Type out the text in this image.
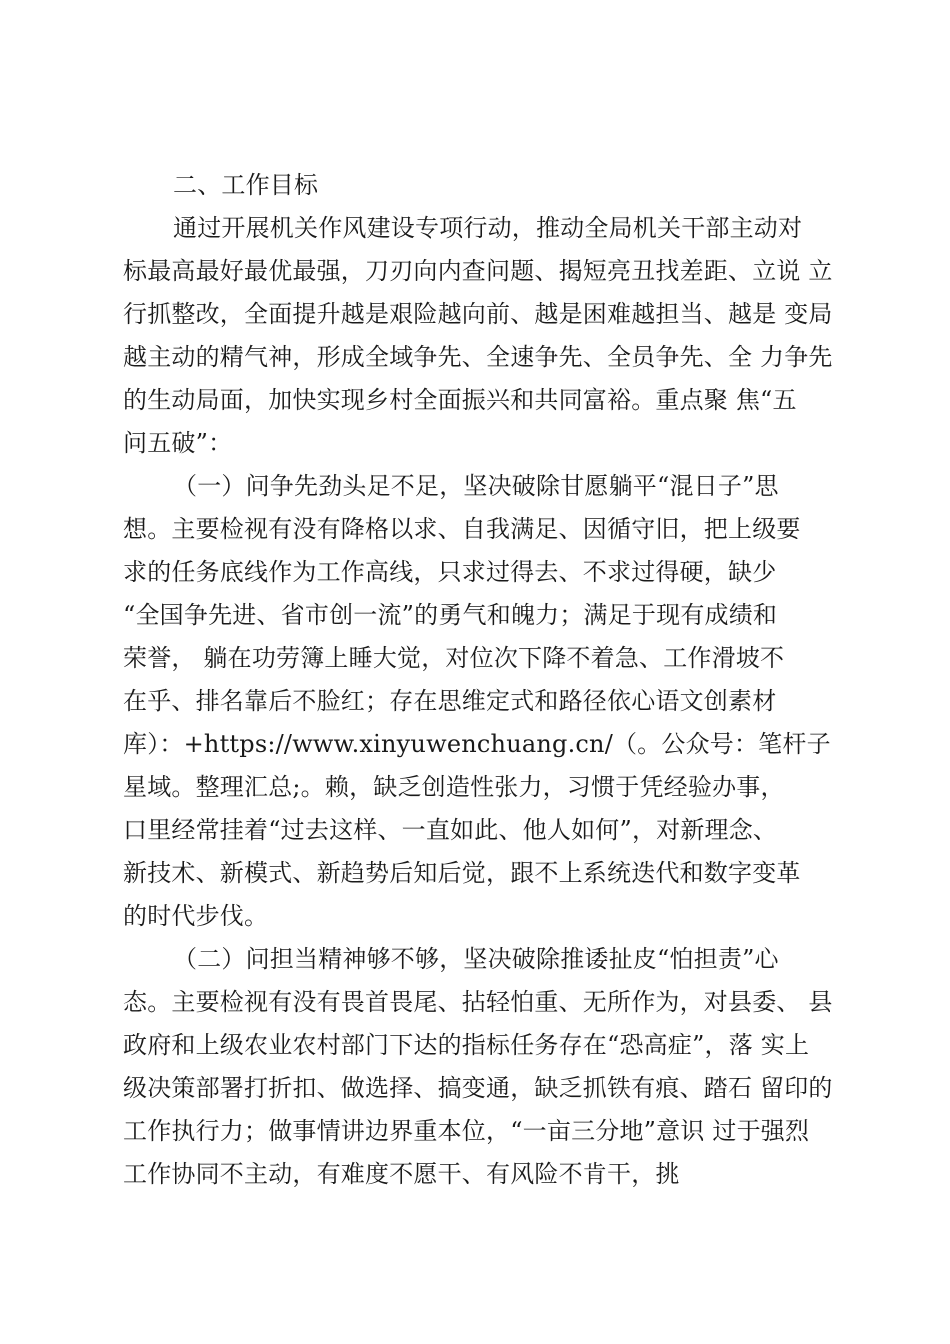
二、工作目标

通过开展机关作风建设专项行动，推动全局机关干部主动对

标最高最好最优最强，刀刃向内查问题、揭短亮丑找差距、立说 立

行抓整改，全面提升越是艰险越向前、越是困难越担当、越是 变局

越主动的精气神，形成全域争先、全速争先、全员争先、全 力争先

的生动局面，加快实现乡村全面振兴和共同富裕。重点聚 焦“五

问五破”：

（一）问争先劲头足不足，坚决破除甘愿躺平“混日子”思

想。主要检视有没有降格以求、自我满足、因循守旧，把上级要

求的任务底线作为工作高线，只求过得去、不求过得硬，缺少

“全国争先进、省市创一流”的勇气和魄力；满足于现有成绩和

荣誉， 躺在功劳簿上睡大觉，对位次下降不着急、工作滑坡不

在乎、排名靠后不脸红；存在思维定式和路径依心语文创素材

库）：+https://www.xinyuwenchuang.cn/（。公众号：笔杆子

星域。整理汇总;。赖，缺乏创造性张力，习惯于凭经验办事，

口里经常挂着“过去这样、一直如此、他人如何”，对新理念、

新技术、新模式、新趋势后知后觉，跟不上系统迭代和数字变革

的时代步伐。

（二）问担当精神够不够，坚决破除推诿扯皮“怕担责”心

态。主要检视有没有畏首畏尾、拈轻怕重、无所作为，对县委、 县

政府和上级农业农村部门下达的指标任务存在“恐高症”，落 实上

级决策部署打折扣、做选择、搞变通，缺乏抓铁有痕、踏石 留印的

工作执行力；做事情讲边界重本位，“一亩三分地”意识 过于强烈

工作协同不主动，有难度不愿干、有风险不肯干，挑
